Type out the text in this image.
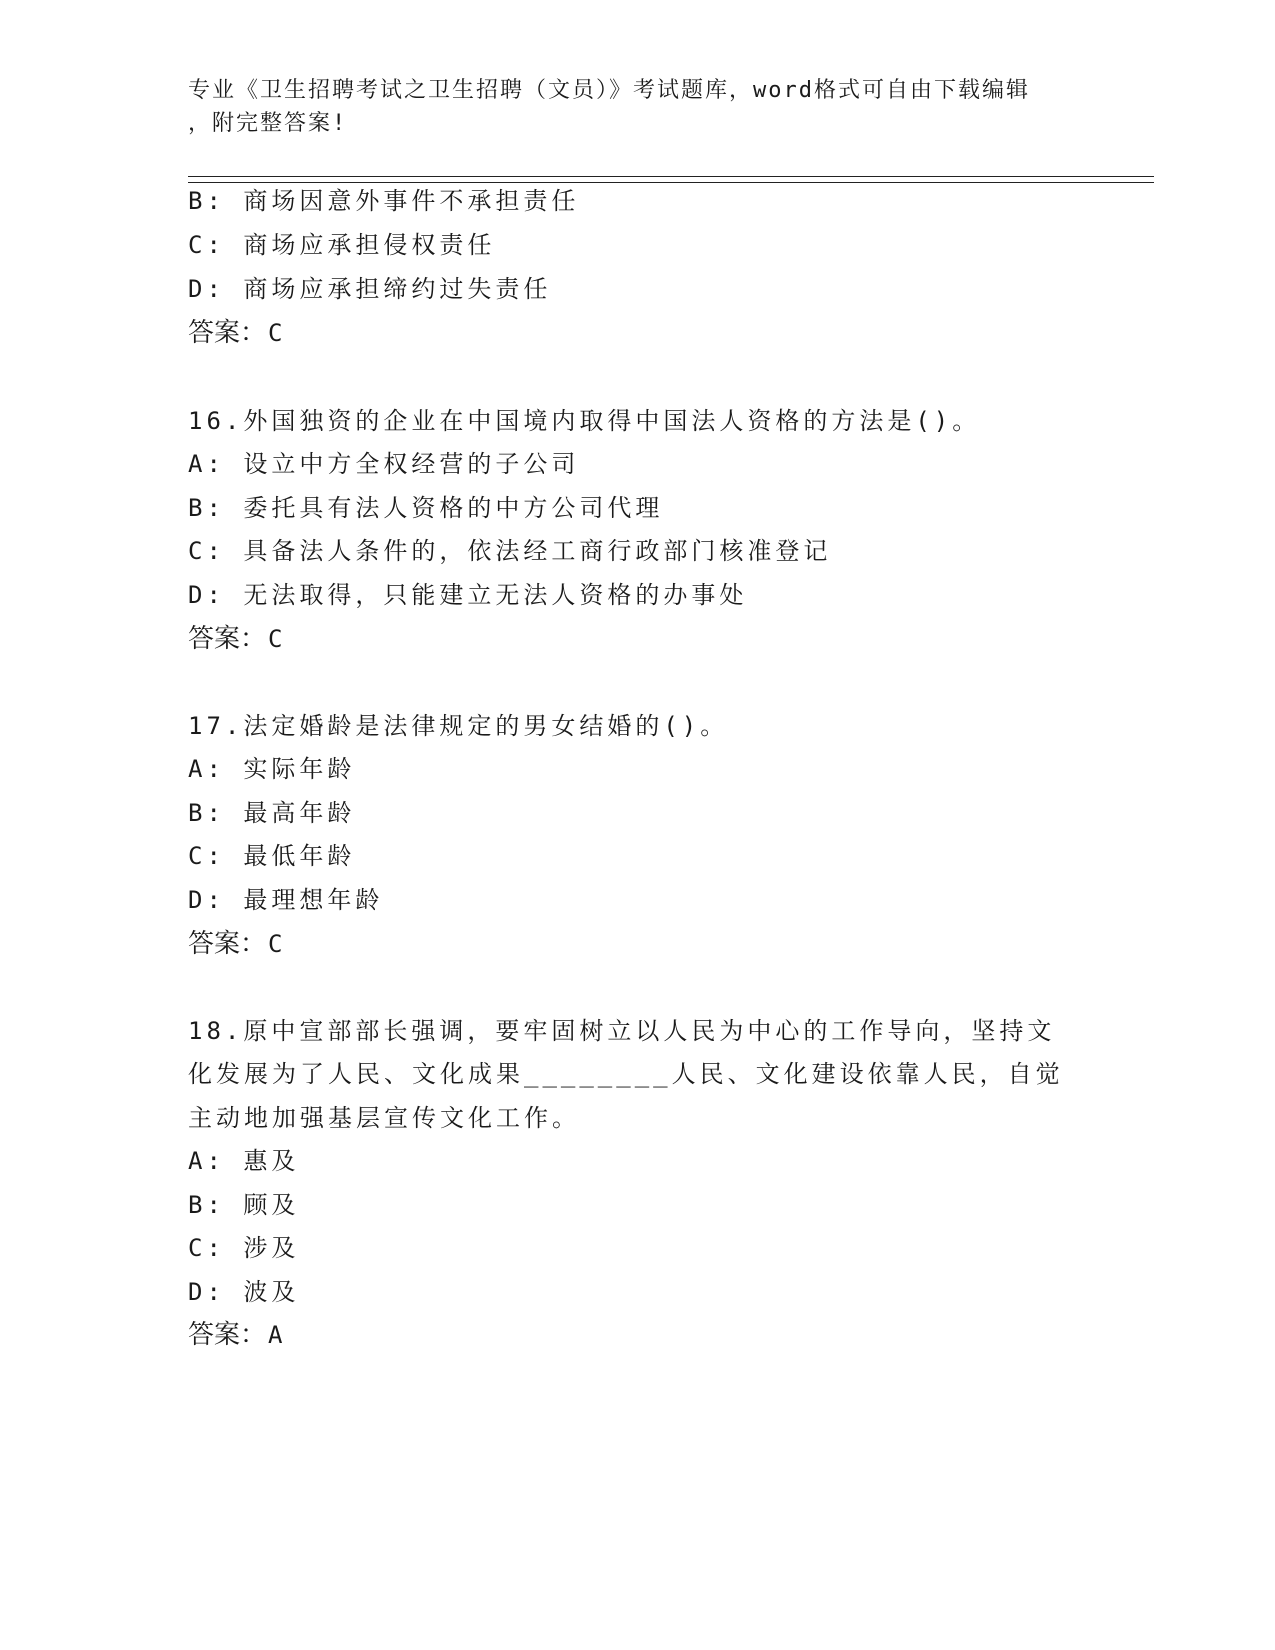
专业《卫生招聘考试之卫生招聘（文员）》考试题库，word格式可自由下载编辑
，附完整答案!
B: 商场因意外事件不承担责任
C: 商场应承担侵权责任
D: 商场应承担缔约过失责任
答案：C
16.外国独资的企业在中国境内取得中国法人资格的方法是()。
A: 设立中方全权经营的子公司
B: 委托具有法人资格的中方公司代理
C: 具备法人条件的，依法经工商行政部门核准登记
D: 无法取得，只能建立无法人资格的办事处
答案：C
17.法定婚龄是法律规定的男女结婚的()。
A: 实际年龄
B: 最高年龄
C: 最低年龄
D: 最理想年龄
答案：C
18.原中宣部部长强调，要牢固树立以人民为中心的工作导向，坚持文
化发展为了人民、文化成果________人民、文化建设依靠人民，自觉
主动地加强基层宣传文化工作。
A: 惠及
B: 顾及
C: 涉及
D: 波及
答案：A
